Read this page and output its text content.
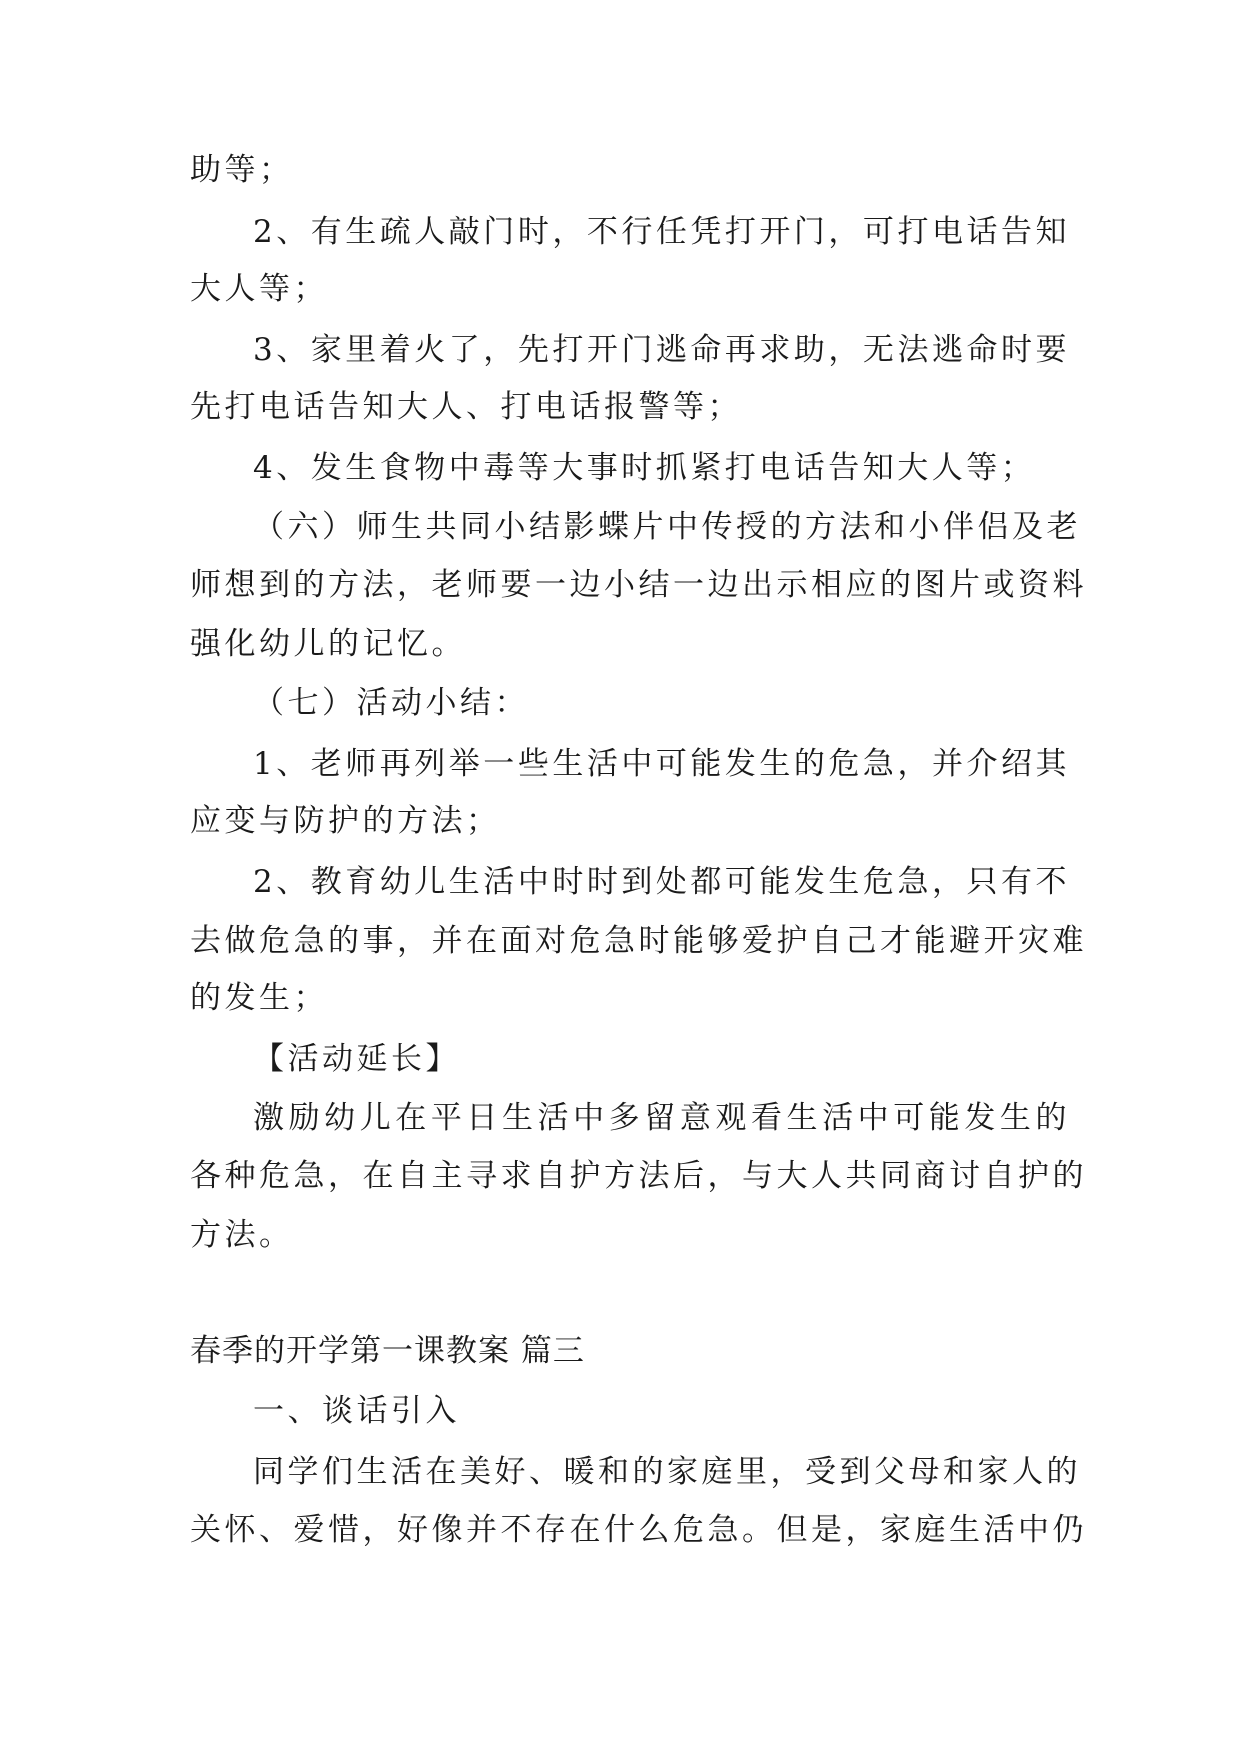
助等；
2、有生疏人敲门时，不行任凭打开门，可打电话告知
大人等；
3、家里着火了，先打开门逃命再求助，无法逃命时要
先打电话告知大人、打电话报警等；
4、发生食物中毒等大事时抓紧打电话告知大人等；
（六）师生共同小结影蝶片中传授的方法和小伴侣及老
师想到的方法，老师要一边小结一边出示相应的图片或资料
强化幼儿的记忆。
（七）活动小结：
1、老师再列举一些生活中可能发生的危急，并介绍其
应变与防护的方法；
2、教育幼儿生活中时时到处都可能发生危急，只有不
去做危急的事，并在面对危急时能够爱护自己才能避开灾难
的发生；
【活动延长】
激励幼儿在平日生活中多留意观看生活中可能发生的
各种危急，在自主寻求自护方法后，与大人共同商讨自护的
方法。
春季的开学第一课教案 篇三
一、谈话引入
同学们生活在美好、暖和的家庭里，受到父母和家人的
关怀、爱惜，好像并不存在什么危急。但是，家庭生活中仍
